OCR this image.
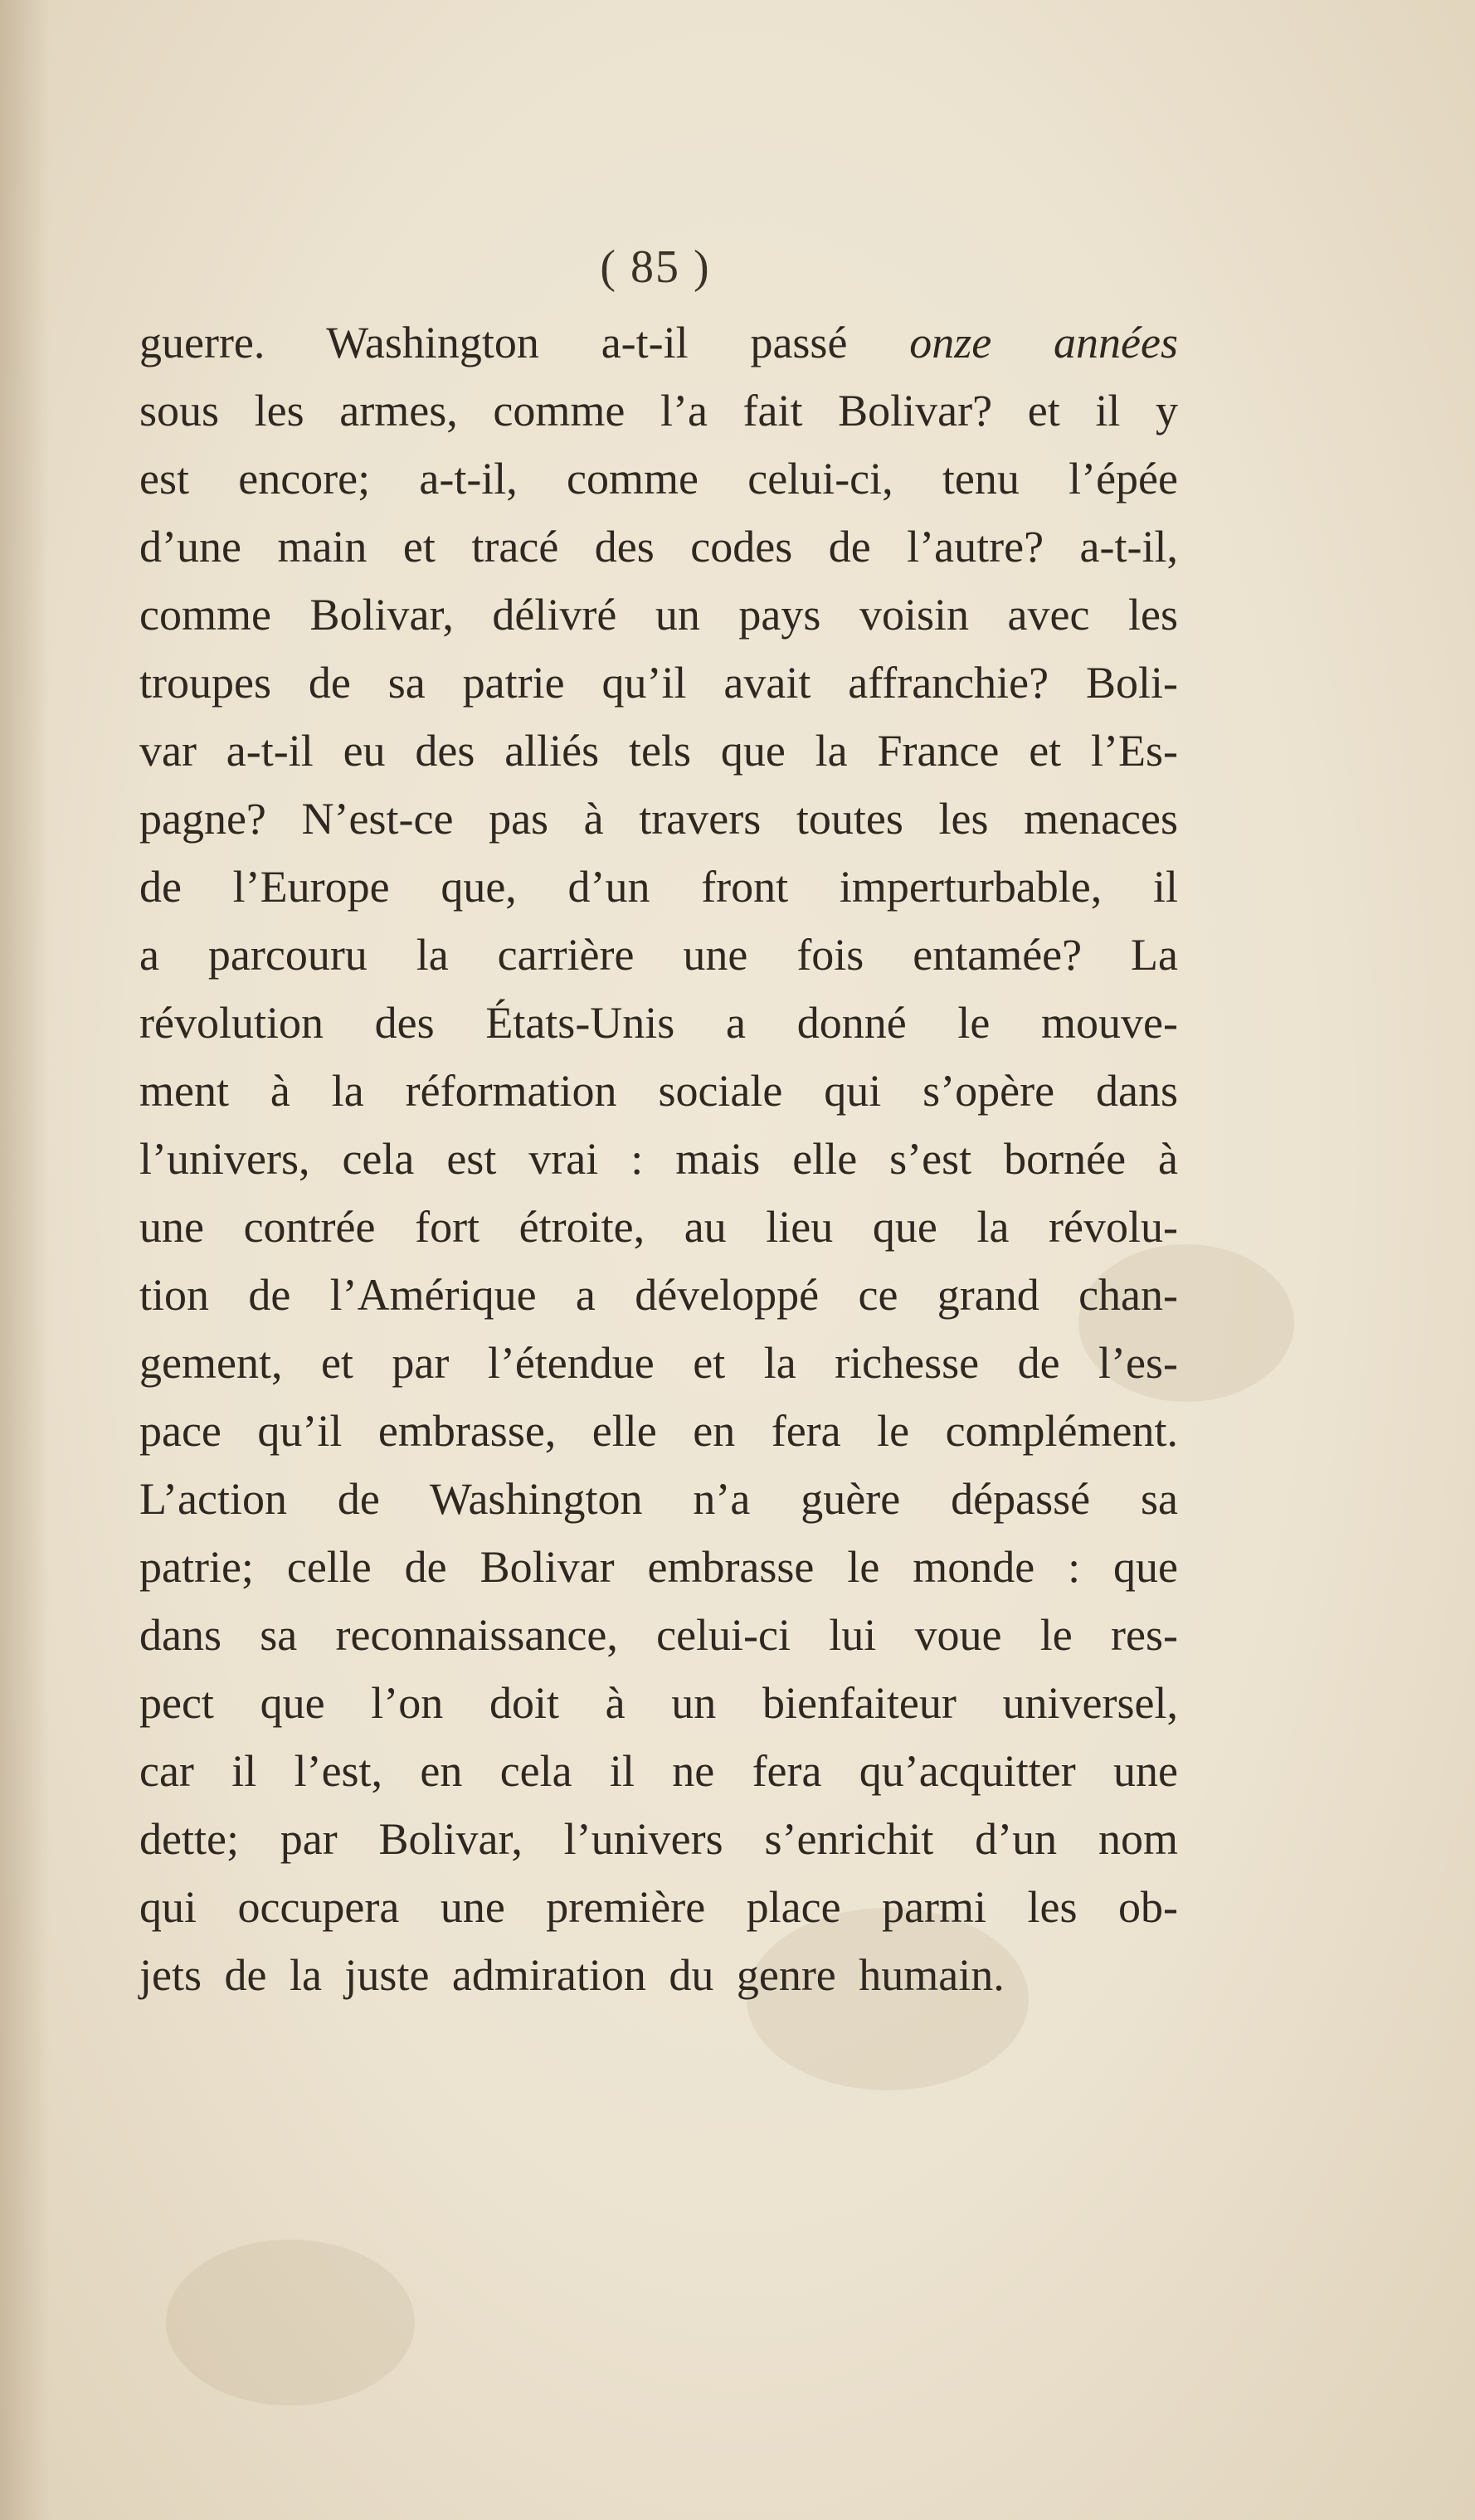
( 85 )
guerre. Washington a-t-il passé onze années
sous les armes, comme l’a fait Bolivar? et il y
est encore; a-t-il, comme celui-ci, tenu l’épée
d’une main et tracé des codes de l’autre? a-t-il,
comme Bolivar, délivré un pays voisin avec les
troupes de sa patrie qu’il avait affranchie? Boli-
var a-t-il eu des alliés tels que la France et l’Es-
pagne? N’est-ce pas à travers toutes les menaces
de l’Europe que, d’un front imperturbable, il
a parcouru la carrière une fois entamée? La
révolution des États-Unis a donné le mouve-
ment à la réformation sociale qui s’opère dans
l’univers, cela est vrai : mais elle s’est bornée à
une contrée fort étroite, au lieu que la révolu-
tion de l’Amérique a développé ce grand chan-
gement, et par l’étendue et la richesse de l’es-
pace qu’il embrasse, elle en fera le complément.
L’action de Washington n’a guère dépassé sa
patrie; celle de Bolivar embrasse le monde : que
dans sa reconnaissance, celui-ci lui voue le res-
pect que l’on doit à un bienfaiteur universel,
car il l’est, en cela il ne fera qu’acquitter une
dette; par Bolivar, l’univers s’enrichit d’un nom
qui occupera une première place parmi les ob-
jets de la juste admiration du genre humain.
